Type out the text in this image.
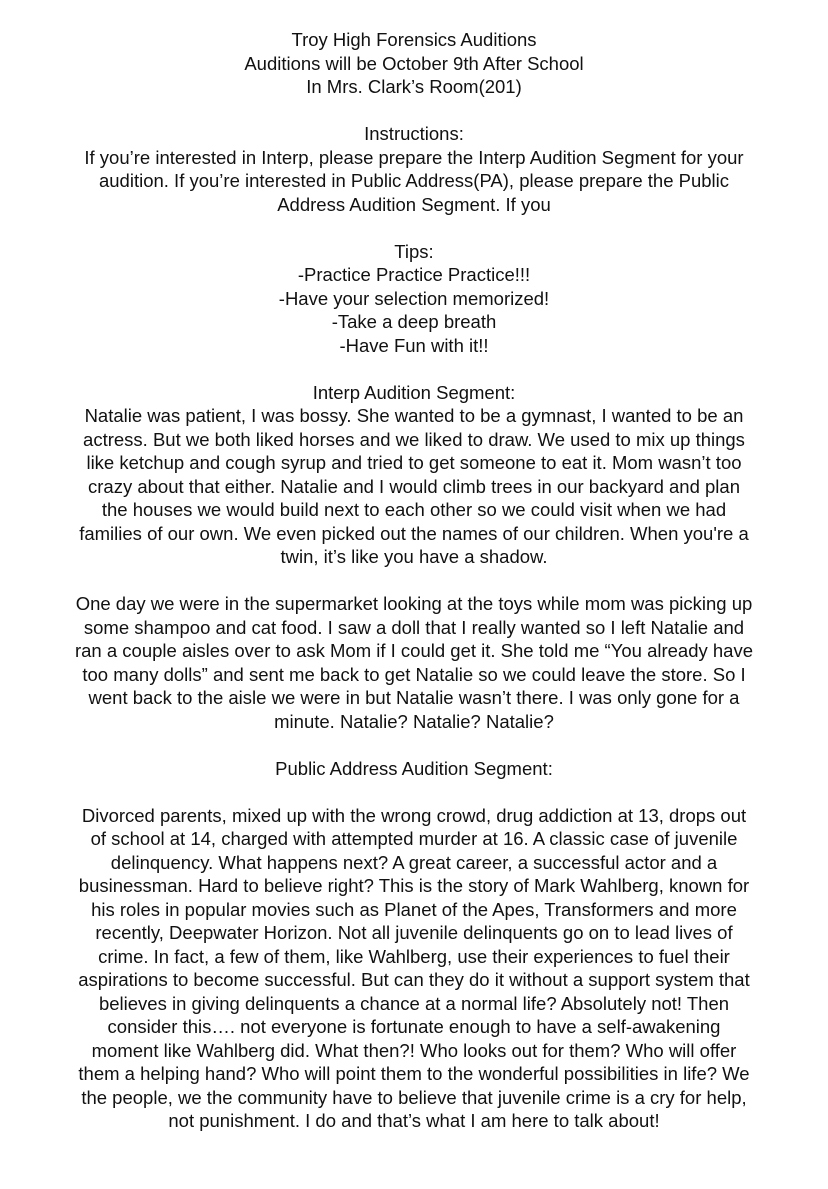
Troy High Forensics Auditions
Auditions will be October 9th After School
In Mrs. Clark’s Room(201)
Instructions:
If you’re interested in Interp, please prepare the Interp Audition Segment for your
audition. If you’re interested in Public Address(PA), please prepare the Public
Address Audition Segment. If you
Tips:
-Practice Practice Practice!!!
-Have your selection memorized!
-Take a deep breath
-Have Fun with it!!
Interp Audition Segment:
Natalie was patient, I was bossy. She wanted to be a gymnast, I wanted to be an
actress. But we both liked horses and we liked to draw. We used to mix up things
like ketchup and cough syrup and tried to get someone to eat it. Mom wasn’t too
crazy about that either. Natalie and I would climb trees in our backyard and plan
the houses we would build next to each other so we could visit when we had
families of our own. We even picked out the names of our children. When you're a
twin, it’s like you have a shadow.
One day we were in the supermarket looking at the toys while mom was picking up
some shampoo and cat food. I saw a doll that I really wanted so I left Natalie and
ran a couple aisles over to ask Mom if I could get it. She told me “You already have
too many dolls” and sent me back to get Natalie so we could leave the store. So I
went back to the aisle we were in but Natalie wasn’t there. I was only gone for a
minute. Natalie? Natalie? Natalie?
Public Address Audition Segment:
Divorced parents, mixed up with the wrong crowd, drug addiction at 13, drops out
of school at 14, charged with attempted murder at 16. A classic case of juvenile
delinquency. What happens next? A great career, a successful actor and a
businessman. Hard to believe right? This is the story of Mark Wahlberg, known for
his roles in popular movies such as Planet of the Apes, Transformers and more
recently, Deepwater Horizon. Not all juvenile delinquents go on to lead lives of
crime. In fact, a few of them, like Wahlberg, use their experiences to fuel their
aspirations to become successful. But can they do it without a support system that
believes in giving delinquents a chance at a normal life? Absolutely not! Then
consider this…. not everyone is fortunate enough to have a self-awakening
moment like Wahlberg did. What then?! Who looks out for them? Who will offer
them a helping hand? Who will point them to the wonderful possibilities in life? We
the people, we the community have to believe that juvenile crime is a cry for help,
not punishment. I do and that’s what I am here to talk about!
